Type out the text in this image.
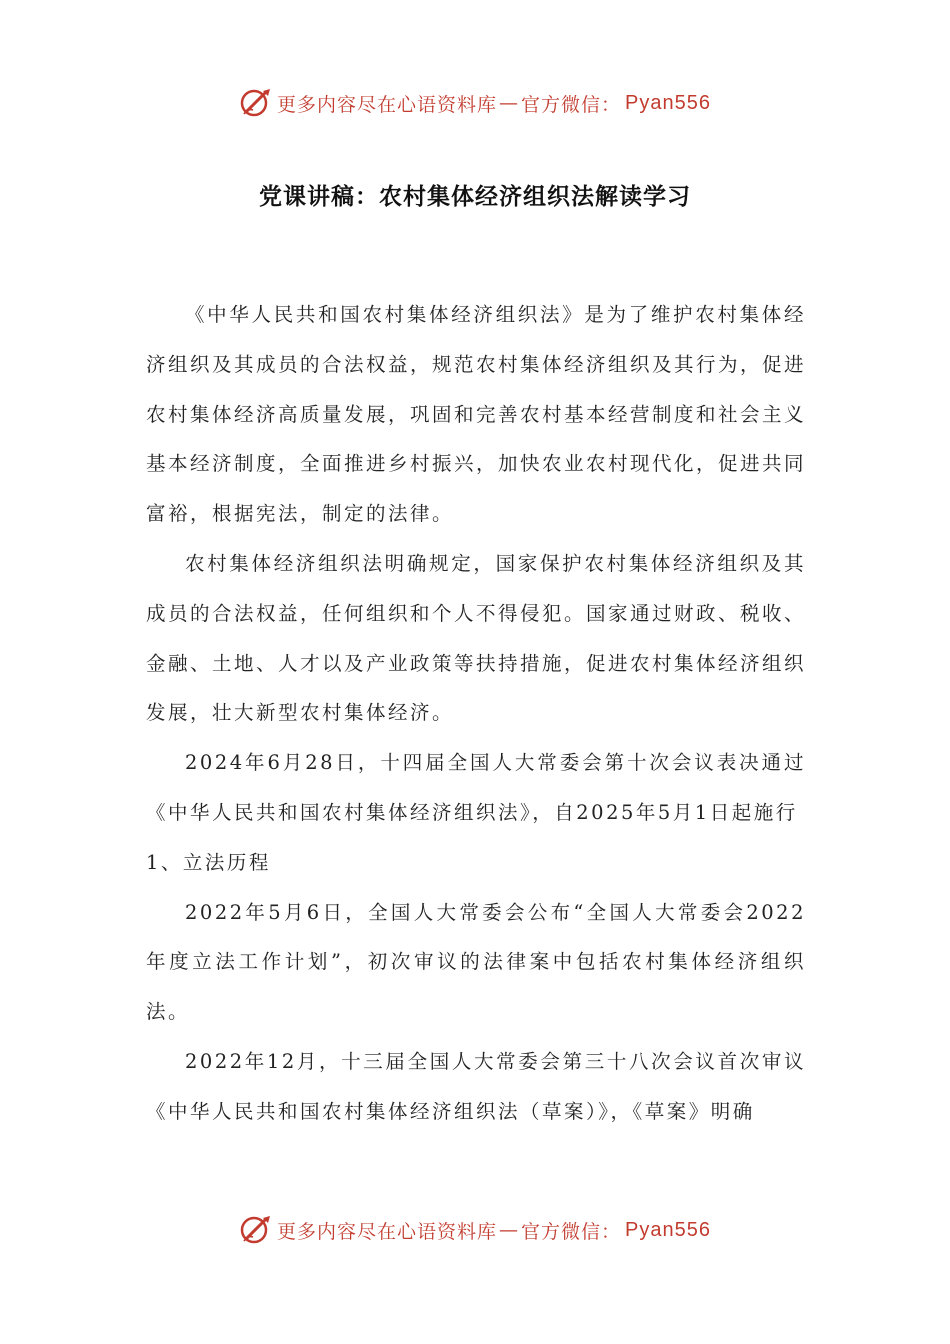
更多内容尽在心语资料库 — 官方微信： Pyan556
党课讲稿：农村集体经济组织法解读学习

《中华人民共和国农村集体经济组织法》是为了维护农村集体经济组织及其成员的合法权益，规范农村集体经济组织及其行为，促进农村集体经济高质量发展，巩固和完善农村基本经营制度和社会主义基本经济制度，全面推进乡村振兴，加快农业农村现代化，促进共同富裕，根据宪法，制定的法律。

农村集体经济组织法明确规定，国家保护农村集体经济组织及其成员的合法权益，任何组织和个人不得侵犯。国家通过财政、税收、金融、土地、人才以及产业政策等扶持措施，促进农村集体经济组织发展，壮大新型农村集体经济。

2024年6月28日，十四届全国人大常委会第十次会议表决通过《中华人民共和国农村集体经济组织法》，自2025年5月1日起施行

1、立法历程

2022年5月6日，全国人大常委会公布“全国人大常委会2022年度立法工作计划”，初次审议的法律案中包括农村集体经济组织法。

2022年12月，十三届全国人大常委会第三十八次会议首次审议《中华人民共和国农村集体经济组织法（草案）》，《草案》明确

更多内容尽在心语资料库 — 官方微信： Pyan556
